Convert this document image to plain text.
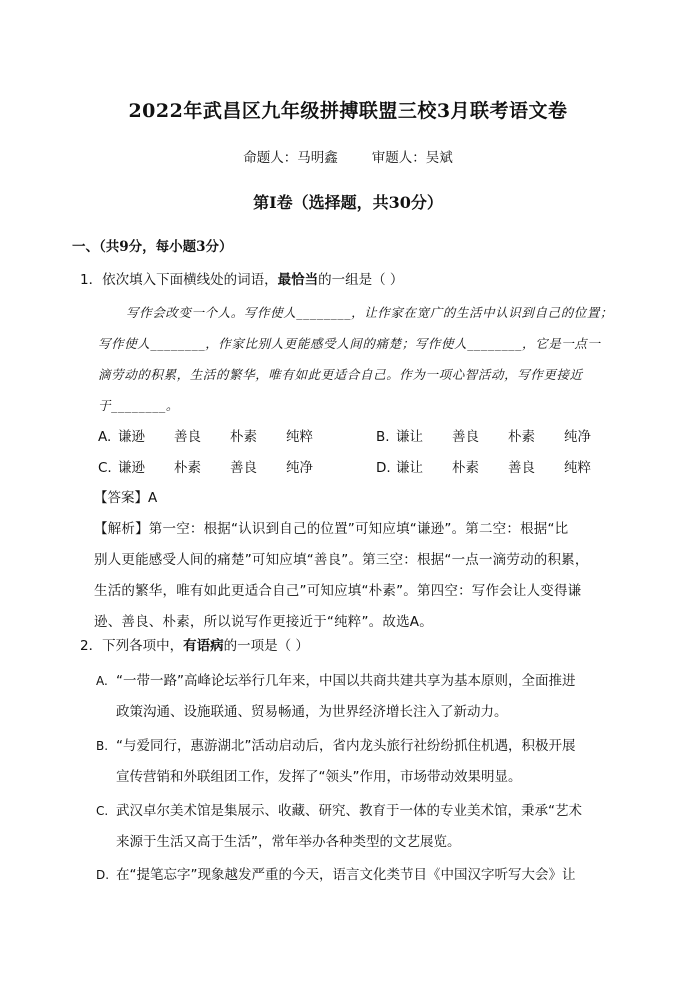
2022年武昌区九年级拼搏联盟三校3月联考语文卷
命题人：马明鑫	审题人：吴斌
第Ⅰ卷（选择题，共30分）
一、（共9分，每小题3分）
1．依次填入下面横线处的词语，最恰当的一组是（ ）
写作会改变一个人。写作使人________，让作家在宽广的生活中认识到自己的位置；
写作使人________，作家比别人更能感受人间的痛楚；写作使人________，它是一点一
滴劳动的积累，生活的繁华，唯有如此更适合自己。作为一项心智活动，写作更接近
于________。
A. 谦逊 善良 朴素 纯粹	B. 谦让 善良 朴素 纯净
C. 谦逊 朴素 善良 纯净	D. 谦让 朴素 善良 纯粹
【答案】A
【解析】第一空：根据“认识到自己的位置”可知应填“谦逊”。第二空：根据“比
别人更能感受人间的痛楚”可知应填“善良”。第三空：根据“一点一滴劳动的积累，
生活的繁华，唯有如此更适合自己”可知应填“朴素”。第四空：写作会让人变得谦
逊、善良、朴素，所以说写作更接近于“纯粹”。故选A。
2．下列各项中，有语病的一项是（ ）
A. “一带一路”高峰论坛举行几年来，中国以共商共建共享为基本原则，全面推进
政策沟通、设施联通、贸易畅通，为世界经济增长注入了新动力。
B. “与爱同行，惠游湖北”活动启动后，省内龙头旅行社纷纷抓住机遇，积极开展
宣传营销和外联组团工作，发挥了“领头”作用，市场带动效果明显。
C. 武汉卓尔美术馆是集展示、收藏、研究、教育于一体的专业美术馆，秉承“艺术
来源于生活又高于生活”，常年举办各种类型的文艺展览。
D. 在“提笔忘字”现象越发严重的今天，语言文化类节目《中国汉字听写大会》让
